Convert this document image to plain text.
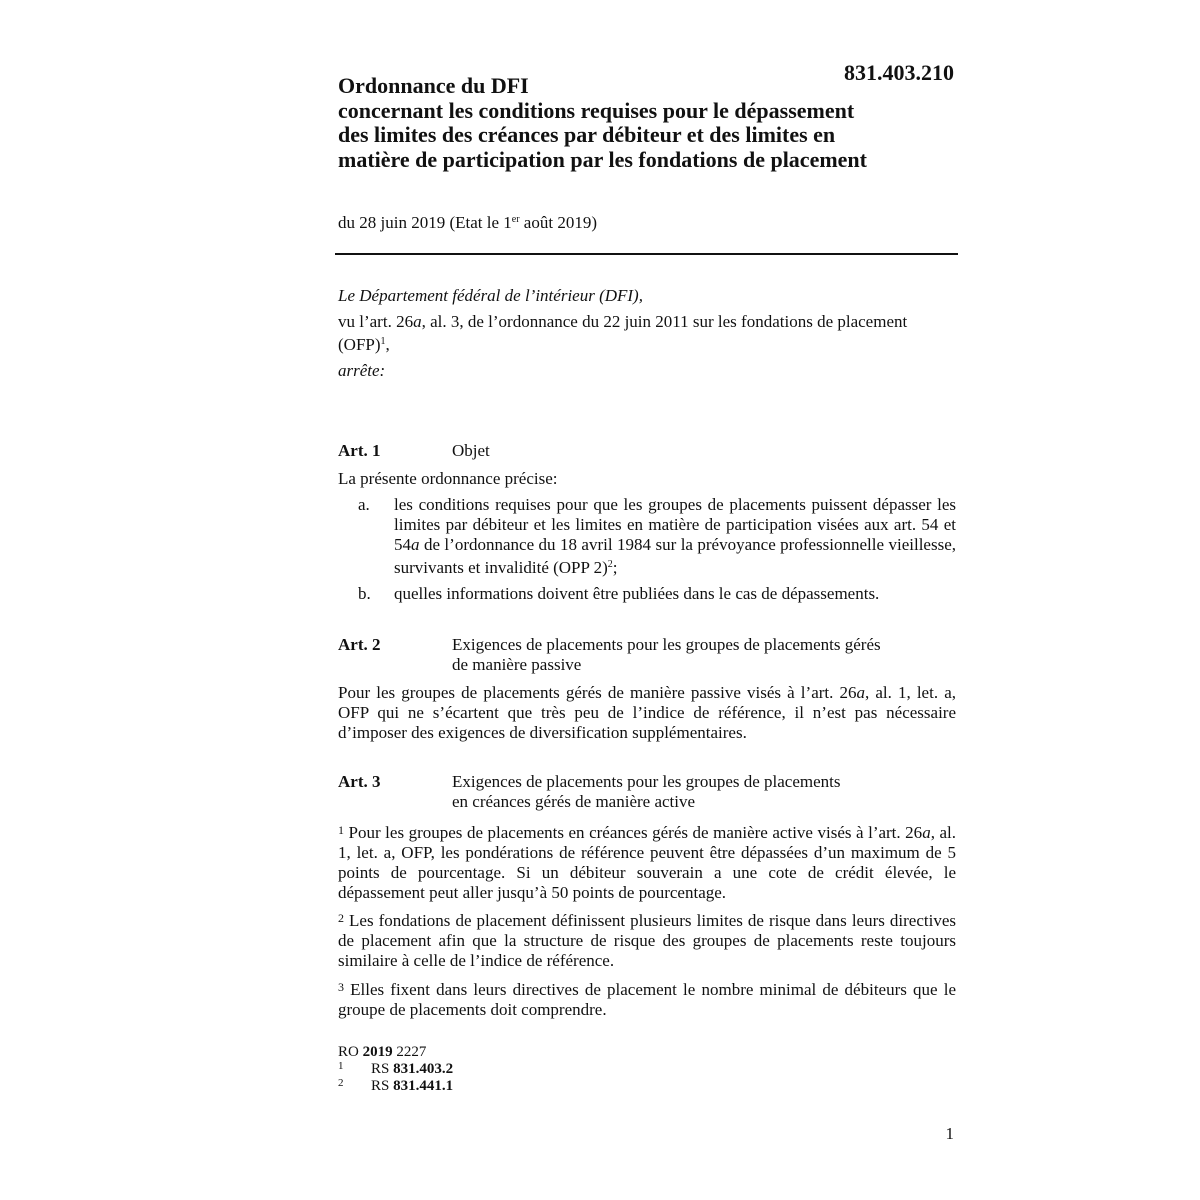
831.403.210
Ordonnance du DFI
concernant les conditions requises pour le dépassement
des limites des créances par débiteur et des limites en
matière de participation par les fondations de placement
du 28 juin 2019 (Etat le 1er août 2019)
Le Département fédéral de l’intérieur (DFI),
vu l’art. 26a, al. 3, de l’ordonnance du 22 juin 2011 sur les fondations de placement (OFP)$^1$,
arrête:
Art. 1	Objet
La présente ordonnance précise:
a. les conditions requises pour que les groupes de placements puissent dépasser les limites par débiteur et les limites en matière de participation visées aux art. 54 et 54a de l’ordonnance du 18 avril 1984 sur la prévoyance professionnelle vieillesse, survivants et invalidité (OPP 2)$^2$;
b. quelles informations doivent être publiées dans le cas de dépassements.
Art. 2	Exigences de placements pour les groupes de placements gérés
de manière passive
Pour les groupes de placements gérés de manière passive visés à l’art. 26a, al. 1, let. a, OFP qui ne s’écartent que très peu de l’indice de référence, il n’est pas nécessaire d’imposer des exigences de diversification supplémentaires.
Art. 3	Exigences de placements pour les groupes de placements
en créances gérés de manière active
$^1$ Pour les groupes de placements en créances gérés de manière active visés à l’art. 26a, al. 1, let. a, OFP, les pondérations de référence peuvent être dépassées d’un maximum de 5 points de pourcentage. Si un débiteur souverain a une cote de crédit élevée, le dépassement peut aller jusqu’à 50 points de pourcentage.
$^2$ Les fondations de placement définissent plusieurs limites de risque dans leurs directives de placement afin que la structure de risque des groupes de placements reste toujours similaire à celle de l’indice de référence.
$^3$ Elles fixent dans leurs directives de placement le nombre minimal de débiteurs que le groupe de placements doit comprendre.
RO 2019 2227
1 RS 831.403.2
2 RS 831.441.1
1
